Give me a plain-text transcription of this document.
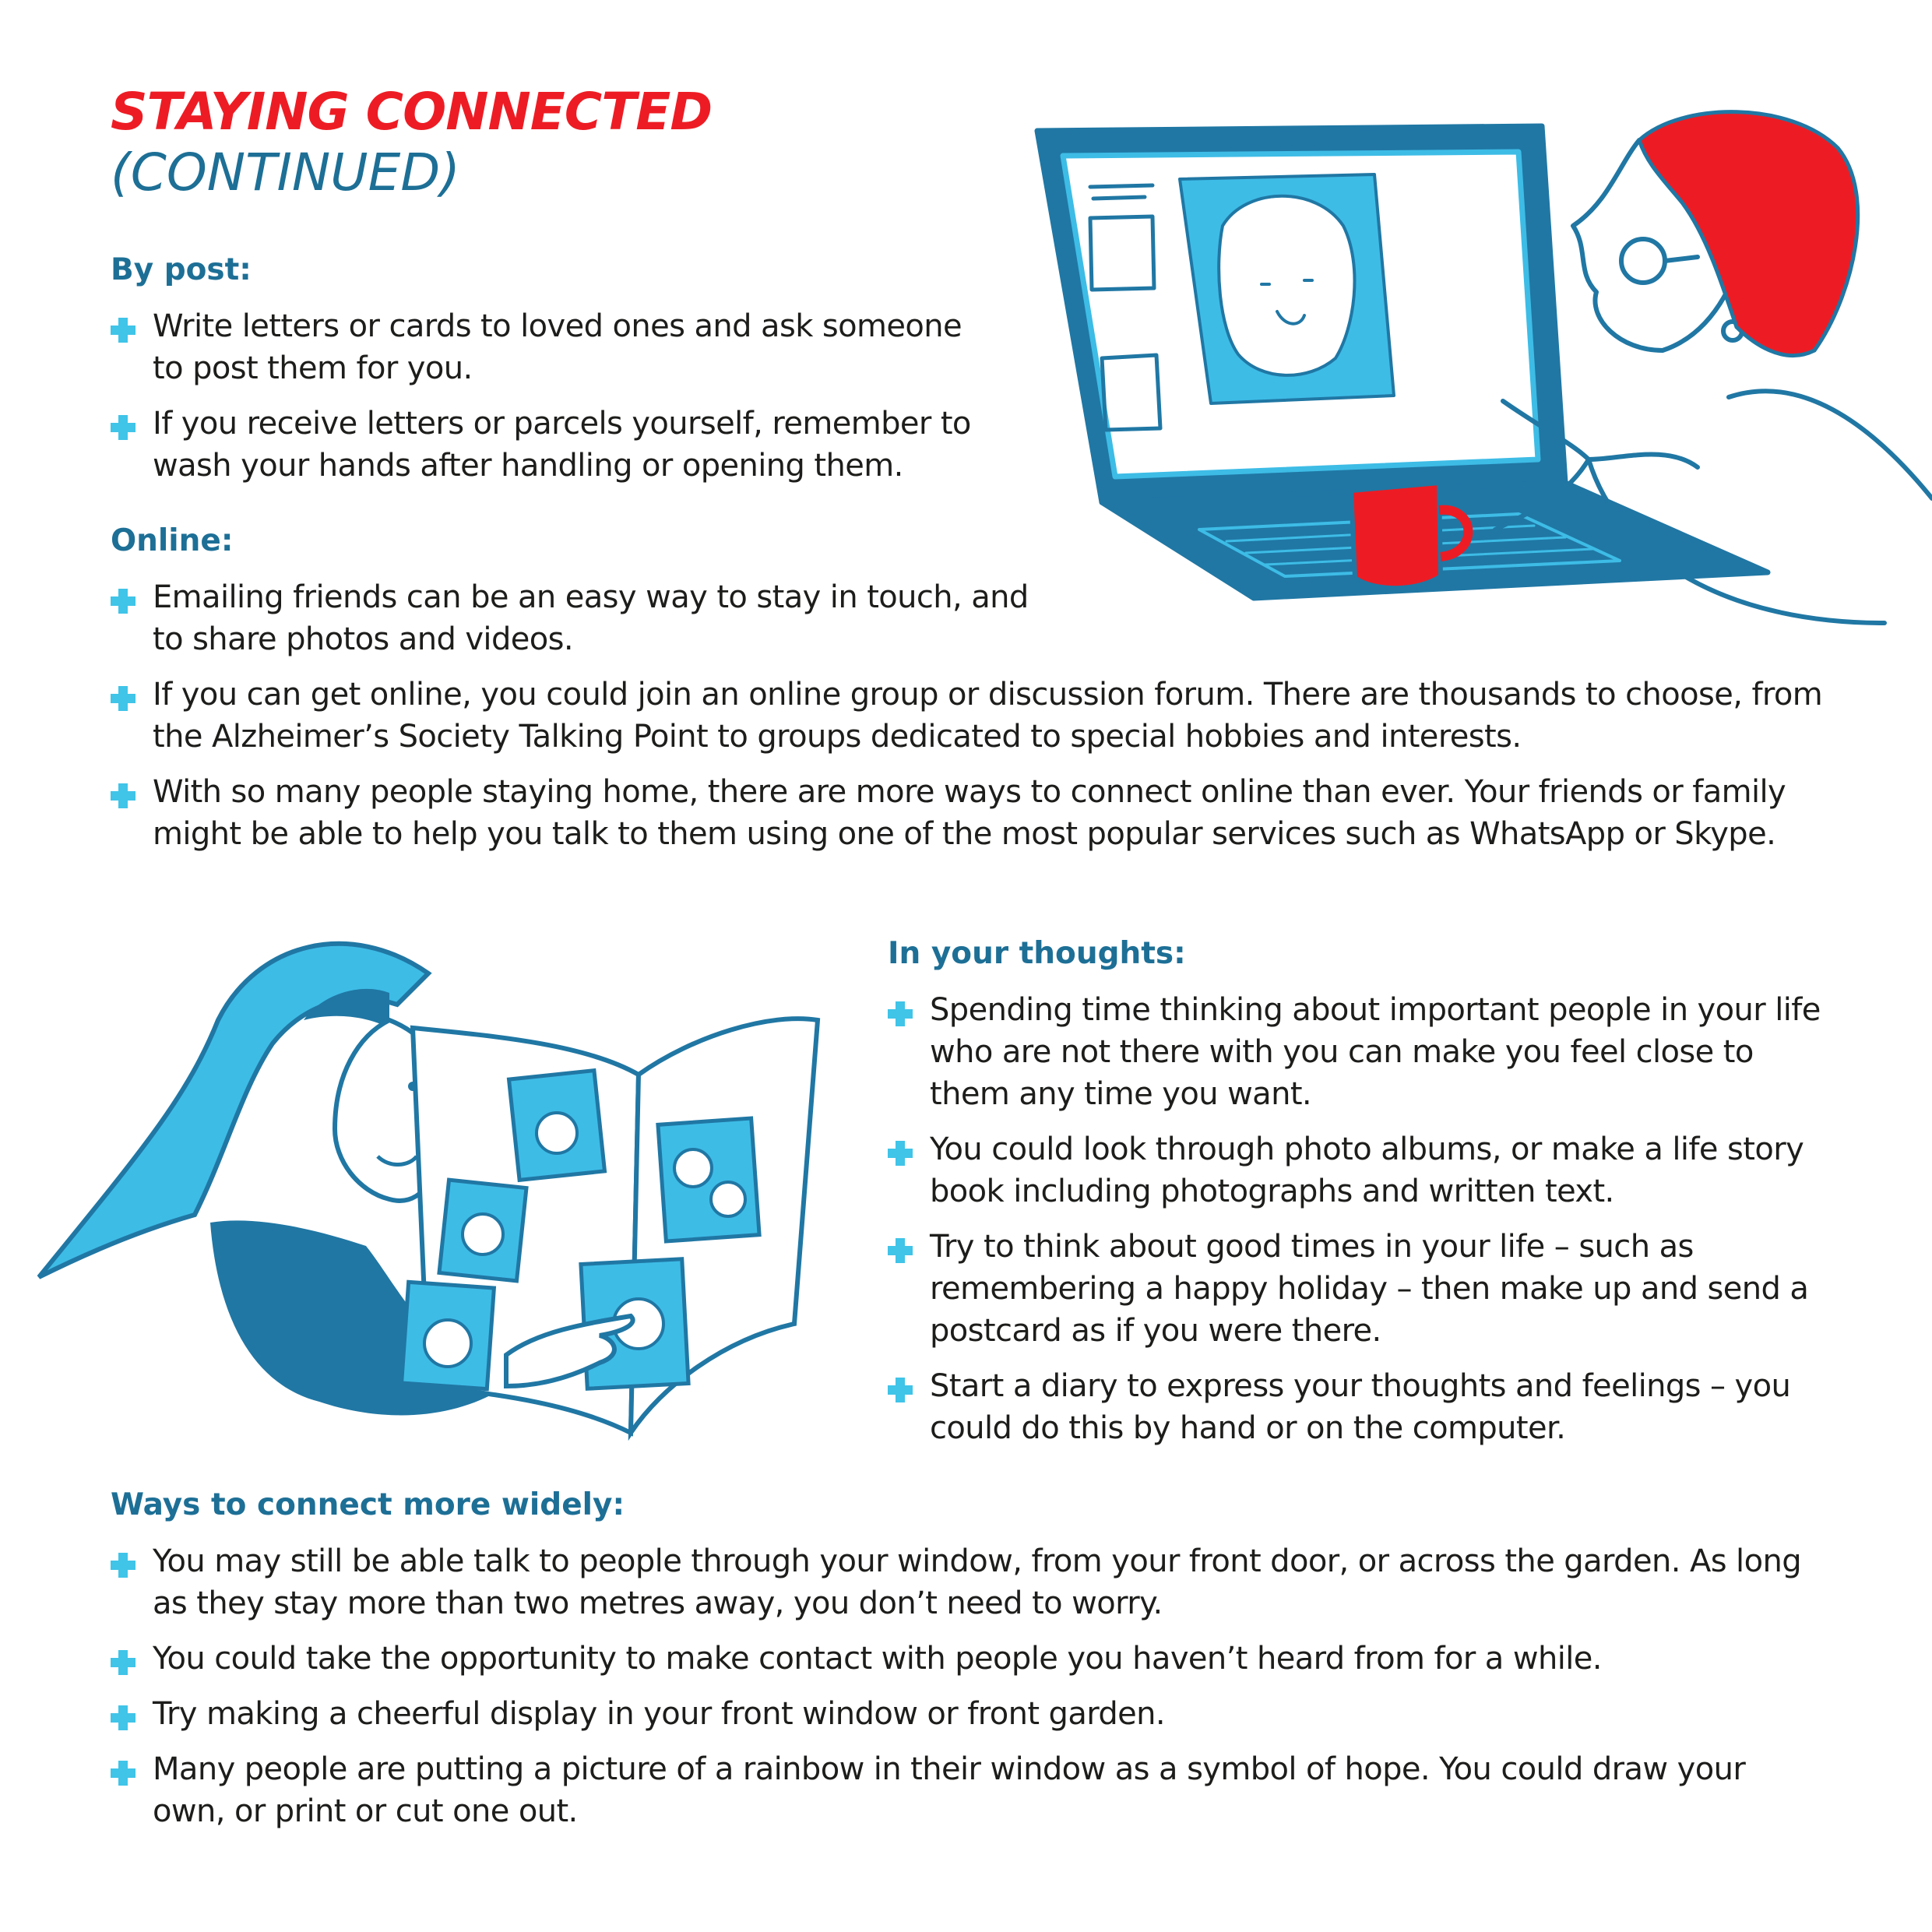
STAYING CONNECTED
(CONTINUED)
By post:
Write letters or cards to loved ones and ask someone to post them for you.
If you receive letters or parcels yourself, remember to wash your hands after handling or opening them.
Online:
Emailing friends can be an easy way to stay in touch, and to share photos and videos.
If you can get online, you could join an online group or discussion forum. There are thousands to choose, from the Alzheimer’s Society Talking Point to groups dedicated to special hobbies and interests.
With so many people staying home, there are more ways to connect online than ever. Your friends or family might be able to help you talk to them using one of the most popular services such as WhatsApp or Skype.
In your thoughts:
Spending time thinking about important people in your life who are not there with you can make you feel close to them any time you want.
You could look through photo albums, or make a life story book including photographs and written text.
Try to think about good times in your life – such as remembering a happy holiday – then make up and send a postcard as if you were there.
Start a diary to express your thoughts and feelings – you could do this by hand or on the computer.
Ways to connect more widely:
You may still be able talk to people through your window, from your front door, or across the garden. As long as they stay more than two metres away, you don’t need to worry.
You could take the opportunity to make contact with people you haven’t heard from for a while.
Try making a cheerful display in your front window or front garden.
Many people are putting a picture of a rainbow in their window as a symbol of hope. You could draw your own, or print or cut one out.
